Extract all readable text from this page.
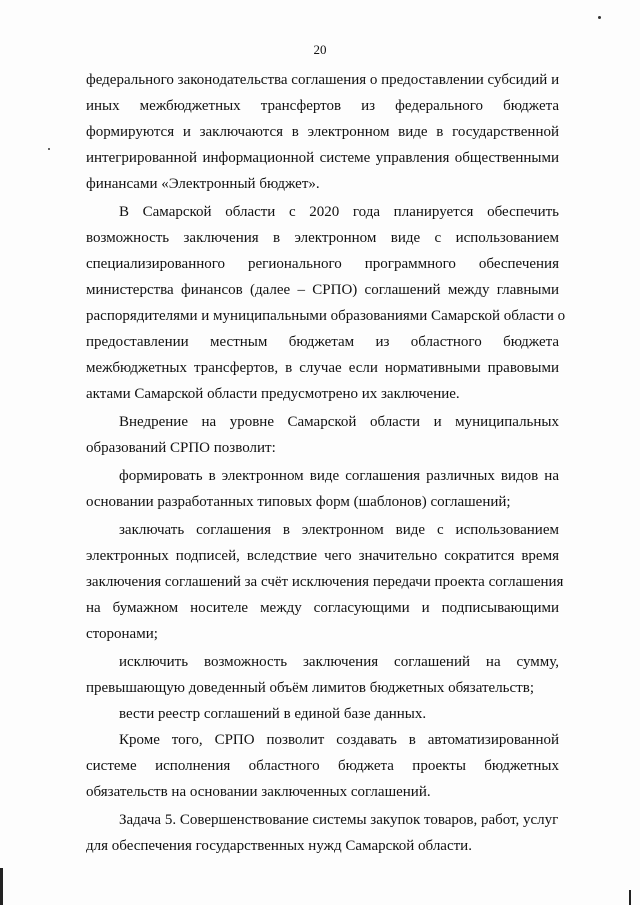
20
федерального законодательства соглашения о предоставлении субсидий и
иных межбюджетных трансфертов из федерального бюджета
формируются и заключаются в электронном виде в государственной
интегрированной информационной системе управления общественными
финансами «Электронный бюджет».
В Самарской области с 2020 года планируется обеспечить
возможность заключения в электронном виде с использованием
специализированного регионального программного обеспечения
министерства финансов (далее – СРПО) соглашений между главными
распорядителями и муниципальными образованиями Самарской области о
предоставлении местным бюджетам из областного бюджета
межбюджетных трансфертов, в случае если нормативными правовыми
актами Самарской области предусмотрено их заключение.
Внедрение на уровне Самарской области и муниципальных
образований СРПО позволит:
формировать в электронном виде соглашения различных видов на
основании разработанных типовых форм (шаблонов) соглашений;
заключать соглашения в электронном виде с использованием
электронных подписей, вследствие чего значительно сократится время
заключения соглашений за счёт исключения передачи проекта соглашения
на бумажном носителе между согласующими и подписывающими
сторонами;
исключить возможность заключения соглашений на сумму,
превышающую доведенный объём лимитов бюджетных обязательств;
вести реестр соглашений в единой базе данных.
Кроме того, СРПО позволит создавать в автоматизированной
системе исполнения областного бюджета проекты бюджетных
обязательств на основании заключенных соглашений.
Задача 5. Совершенствование системы закупок товаров, работ, услуг
для обеспечения государственных нужд Самарской области.
